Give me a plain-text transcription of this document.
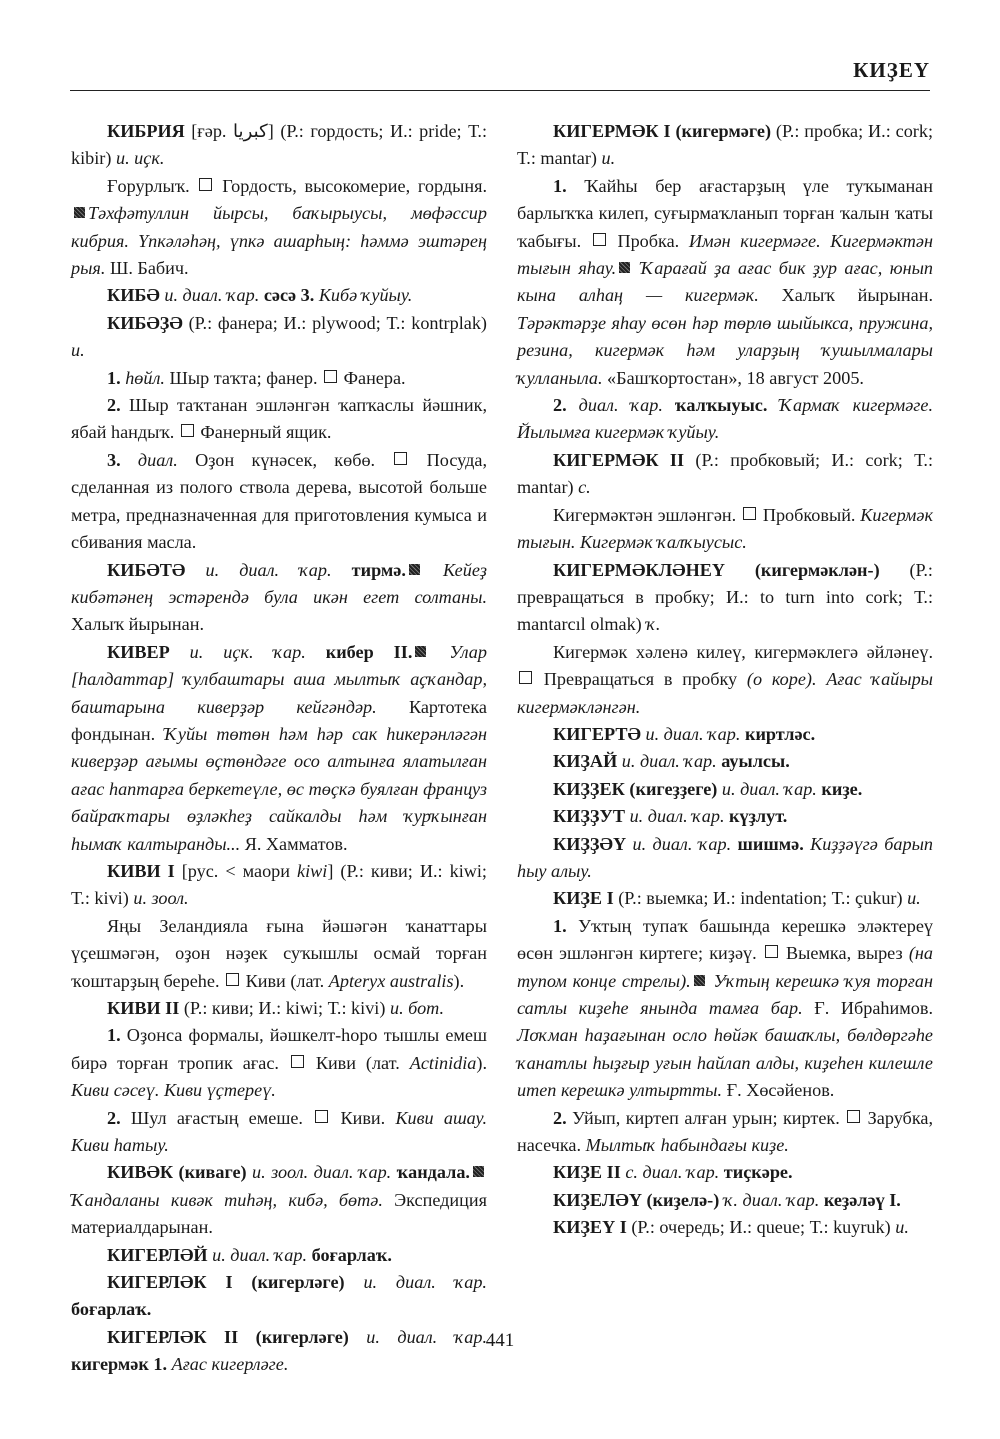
КИҘЕҮ

КИБРИЯ [ғәр. كبريا] (Р.: гордость; И.: pride; Т.: kibir) и. иҫк.

Ғорурлыҡ.  Гордость, высокомерие, гордыня. Тәхфәтуллин йырсы, баҡырыусы, мөфәссир кибрия. Үпкәләһәң, үпкә ашарһың: һәммә эштәрең рыя. Ш. Бабич.

КИБӘ и. диал. ҡар. сәсә 3. Кибә ҡуйыу.

КИБӘҘӘ (Р.: фанера; И.: plywood; Т.: kontrplak) и.

1. һөйл. Шыр таҡта; фанер.  Фанера.

2. Шыр таҡтанан эшләнгән ҡапҡаслы йәшник, ябай һандыҡ.  Фанерный ящик.

3. диал. Оҙон күнәсек, көбө.  Посуда, сделанная из полого ствола дерева, высотой больше метра, предназначенная для приготовления кумыса и сбивания масла.

КИБӘТӘ и. диал. ҡар. тирмә. Кейеҙ кибәтәнең эстәрендә була икән егет солтаны. Халыҡ йырынан.

КИВЕР и. иҫк. ҡар. кибер II. Улар [һалдаттар] ҡулбаштары аша мылтыҡ аҫҡандар, баштарына киверҙәр кейгәндәр. Картотека фондынан. Ҡуйы төтөн һәм һәр сак һикерәнләгән киверҙәр ағымы өҫтөндәге осо алтынға ялатылған ағас һаптарға беркетеүле, өс төҫкә буялған француз байраҡтары өҙләкһеҙ сайкалды һәм ҡурҡынған һымаҡ калтыранды... Я. Хамматов.

КИВИ I [рус. < маори kiwi] (Р.: киви; И.: kiwi; Т.: kivi) и. зоол.

Яңы Зеландияла ғына йәшәгән ҡанаттары үҫешмәгән, оҙон нәҙек суҡышлы осмай торған ҡоштарҙың береһе.  Киви (лат. Apteryx australis).

КИВИ II (Р.: киви; И.: kiwi; Т.: kivi) и. бот.

1. Оҙонса формалы, йәшкелт-һоро тышлы емеш бирә торған тропик ағас.  Киви (лат. Actinidia). Киви сәсеү. Киви үҫтереү.

2. Шул ағастың емеше.  Киви. Киви ашау. Киви һатыу.

КИВӘК (киваге) и. зоол. диал. ҡар. ҡандала. Ҡандаланы кивәк тиһәң, кибә, бөтә. Экспедиция материалдарынан.

КИГЕРЛӘЙ и. диал. ҡар. боғарлаҡ.

КИГЕРЛӘК I (кигерләге) и. диал. ҡар. боғарлаҡ.

КИГЕРЛӘК II (кигерләге) и. диал. ҡар. кигермәк 1. Ағас кигерләге.

КИГЕРМӘК I (кигермәге) (Р.: пробка; И.: cork; Т.: mantar) и.

1. Ҡайһы бер ағастарҙың үле туҡыманан барлыҡҡа килеп, суғырмаҡланып торған ҡалын ҡаты ҡабығы.  Пробка. Имән кигермәге. Кигермәктән тығын яһау. Ҡарағай ҙа ағас бик ҙур ағас, юнып кына алһаң — кигермәк. Халыҡ йырынан. Тәрәктәрҙе яһау өсөн һәр төрлө шыйыкса, пружина, резина, кигермәк һәм уларҙың ҡушылмалары ҡулланыла. «Башҡортостан», 18 август 2005.

2. диал. ҡар. ҡалҡыуыс. Ҡармаҡ кигермәге. Йылымға кигермәк ҡуйыу.

КИГЕРМӘК II (Р.: пробковый; И.: cork; Т.: mantar) с.

Кигермәктән эшләнгән.  Пробковый. Кигермәк тығын. Кигермәк ҡалҡыусыс.

КИГЕРМӘКЛӘНЕҮ (кигермәклән-) (Р.: превращаться в пробку; И.: to turn into cork; Т.: mantarcıl olmak) ҡ.

Кигермәк хәленә килеү, кигермәклегә әйләнеү.  Превращаться в пробку (о коре). Ағас ҡайыры кигермәкләнгән.

КИГЕРТӘ и. диал. ҡар. киртләс.

КИҘАЙ и. диал. ҡар. ауылсы.

КИҘҘЕК (кигеҙҙеге) и. диал. ҡар. киҙе.

КИҘҘУТ и. диал. ҡар. күҙлут.

КИҘҘӘҮ и. диал. ҡар. шишмә. Киҙҙәүгә барып һыу алыу.

КИҘЕ I (Р.: выемка; И.: indentation; Т.: çukur) и.

1. Уҡтың тупаҡ башында керешкә эләктереү өсөн эшләнгән киртеге; киҙәү.  Выемка, вырез (на тупом конце стрелы). Уҡтың керешкә ҡуя торған сатлы киҙеһе янында тамға бар. Ғ. Ибраһимов. Лоҡман һаҙағынан осло һөйәк башаҡлы, бөлдөргәһе ҡанатлы һыҙғыр уғын һайлап алды, киҙеһен килешле итеп керешкә ултыртты. Ғ. Хөсәйенов.

2. Уйып, киртеп алған урын; киртек.  Зарубка, насечка. Мылтыҡ һабындағы киҙе.

КИҘЕ II с. диал. ҡар. тиҫкәре.

КИҘЕЛӘҮ (киҙелә-) ҡ. диал. ҡар. кеҙәләү I.

КИҘЕҮ I (Р.: очередь; И.: queue; Т.: kuyruk) и.

441
